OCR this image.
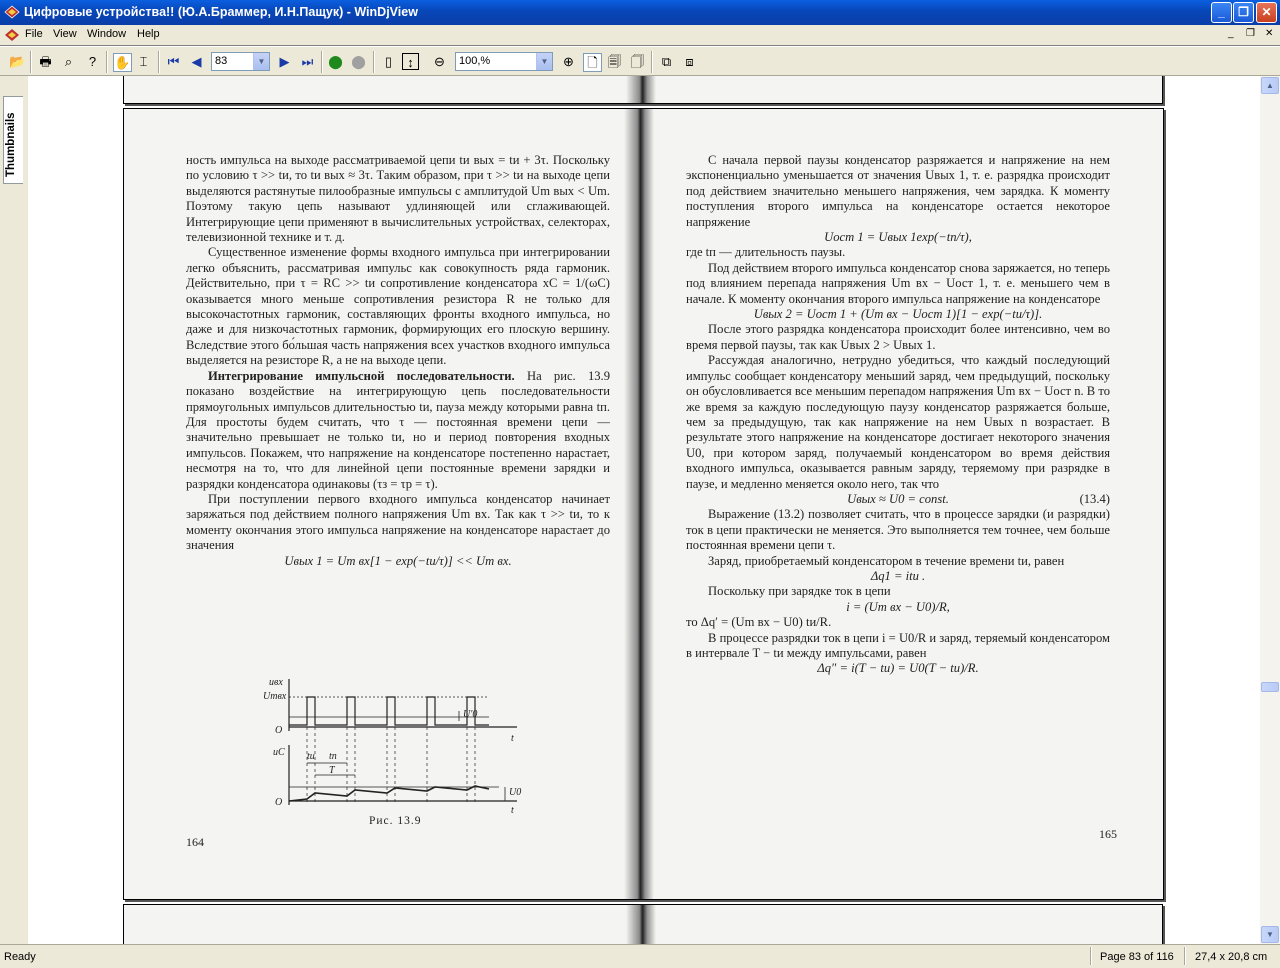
Цифровые устройства!! (Ю.А.Браммер, И.Н.Пащук) - WinDjView	_	❐	✕
File View Window Help	_ ❐ ✕
📂 🖶	⌕	?	✋ ⌶	⏮ ◀	83	▼ ▶ ⏭ ⬤ ⬤	▯	↕	⊖	100,%	▼ ⊕	🗋 🗐 🗍 ⧉	⧈
Thumbnails	ность импульса на выходе рассматриваемой цепи tи вых = tи + 3τ. Поскольку по условию τ >> tи, то tи вых ≈ 3τ. Таким образом, при τ >> tи на выходе цепи выделяются растянутые пилообразные импульсы с амплитудой Um вых < Um. Поэтому такую цепь называют удлиняющей или сглаживающей. Интегрирующие цепи применяют в вычислительных устройствах, селекторах, телевизионной технике и т. д.

Существенное изменение формы входного импульса при интегрировании легко объяснить, рассматривая импульс как совокупность ряда гармоник. Действительно, при τ = RC >> tи сопротивление конденсатора xC = 1/(ωC) оказывается много меньше сопротивления резистора R не только для высокочастотных гармоник, составляющих фронты входного импульса, но даже и для низкочастотных гармоник, формирующих его плоскую вершину. Вследствие этого бо́льшая часть напряжения всех участков входного импульса выделяется на резисторе R, а не на выходе цепи.

Интегрирование импульсной последовательности. На рис. 13.9 показано воздействие на интегрирующую цепь последовательности прямоугольных импульсов длительностью tи, пауза между которыми равна tп. Для простоты будем считать, что τ — постоянная времени цепи — значительно превышает не только tи, но и период повторения входных импульсов. Покажем, что напряжение на конденсаторе постепенно нарастает, несмотря на то, что для линейной цепи постоянные времени зарядки и разрядки конденсатора одинаковы (τз = τр = τ).

При поступлении первого входного импульса конденсатор начинает заряжаться под действием полного напряжения Um вх. Так как τ >> tи, то к моменту окончания этого импульса напряжение на конденсаторе нарастает до значения

Uвых 1 = Um вх[1 − exp(−tи/τ)] << Um вх.

uвх
Umвх
O
t
uC
U′0
tи tп
T
U0
O
t
Рис. 13.9
164

С начала первой паузы конденсатор разряжается и напряжение на нем экспоненциально уменьшается от значения Uвых 1, т. е. разрядка происходит под действием значительно меньшего напряжения, чем зарядка. К моменту поступления второго импульса на конденсаторе остается некоторое напряжение

Uост 1 = Uвых 1exp(−tп/τ),

где tп — длительность паузы.

Под действием второго импульса конденсатор снова заряжается, но теперь под влиянием перепада напряжения Um вх − Uост 1, т. е. меньшего чем в начале. К моменту окончания второго импульса напряжение на конденсаторе

Uвых 2 = Uост 1 + (Um вх − Uост 1)[1 − exp(−tи/τ)].

После этого разрядка конденсатора происходит более интенсивно, чем во время первой паузы, так как Uвых 2 > Uвых 1.

Рассуждая аналогично, нетрудно убедиться, что каждый последующий импульс сообщает конденсатору меньший заряд, чем предыдущий, поскольку он обусловливается все меньшим перепадом напряжения Um вх − Uост n. В то же время за каждую последующую паузу конденсатор разряжается больше, чем за предыдущую, так как напряжение на нем Uвых n возрастает. В результате этого напряжение на конденсаторе достигает некоторого значения U0, при котором заряд, получаемый конденсатором во время действия входного импульса, оказывается равным заряду, теряемому при разрядке в паузе, и медленно меняется около него, так что

Uвых ≈ U0 = const.	(13.4)

Выражение (13.2) позволяет считать, что в процессе зарядки (и разрядки) ток в цепи практически не меняется. Это выполняется тем точнее, чем больше постоянная времени цепи τ.

Заряд, приобретаемый конденсатором в течение времени tи, равен

Δq1 = itи .

Поскольку при зарядке ток в цепи

i = (Um вх − U0)/R,

то Δq′ = (Um вх − U0) tи/R.

В процессе разрядки ток в цепи i = U0/R и заряд, теряемый конденсатором в интервале T − tи между импульсами, равен

Δq″ = i(T − tи) = U0(T − tи)/R.

165
▲
▼
Ready	Page 83 of 116 27,4 x 20,8 cm
